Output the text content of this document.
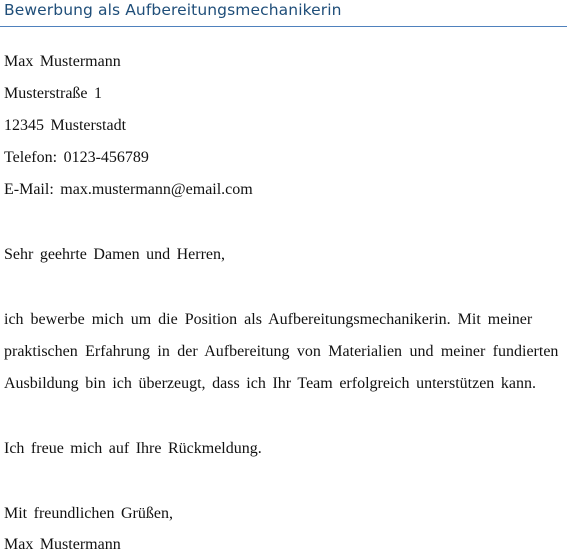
Bewerbung als Aufbereitungsmechanikerin
Max Mustermann
Musterstraße 1
12345 Musterstadt
Telefon: 0123-456789
E-Mail: max.mustermann@email.com
Sehr geehrte Damen und Herren,
ich bewerbe mich um die Position als Aufbereitungsmechanikerin. Mit meiner
praktischen Erfahrung in der Aufbereitung von Materialien und meiner fundierten
Ausbildung bin ich überzeugt, dass ich Ihr Team erfolgreich unterstützen kann.
Ich freue mich auf Ihre Rückmeldung.
Mit freundlichen Grüßen,
Max Mustermann
